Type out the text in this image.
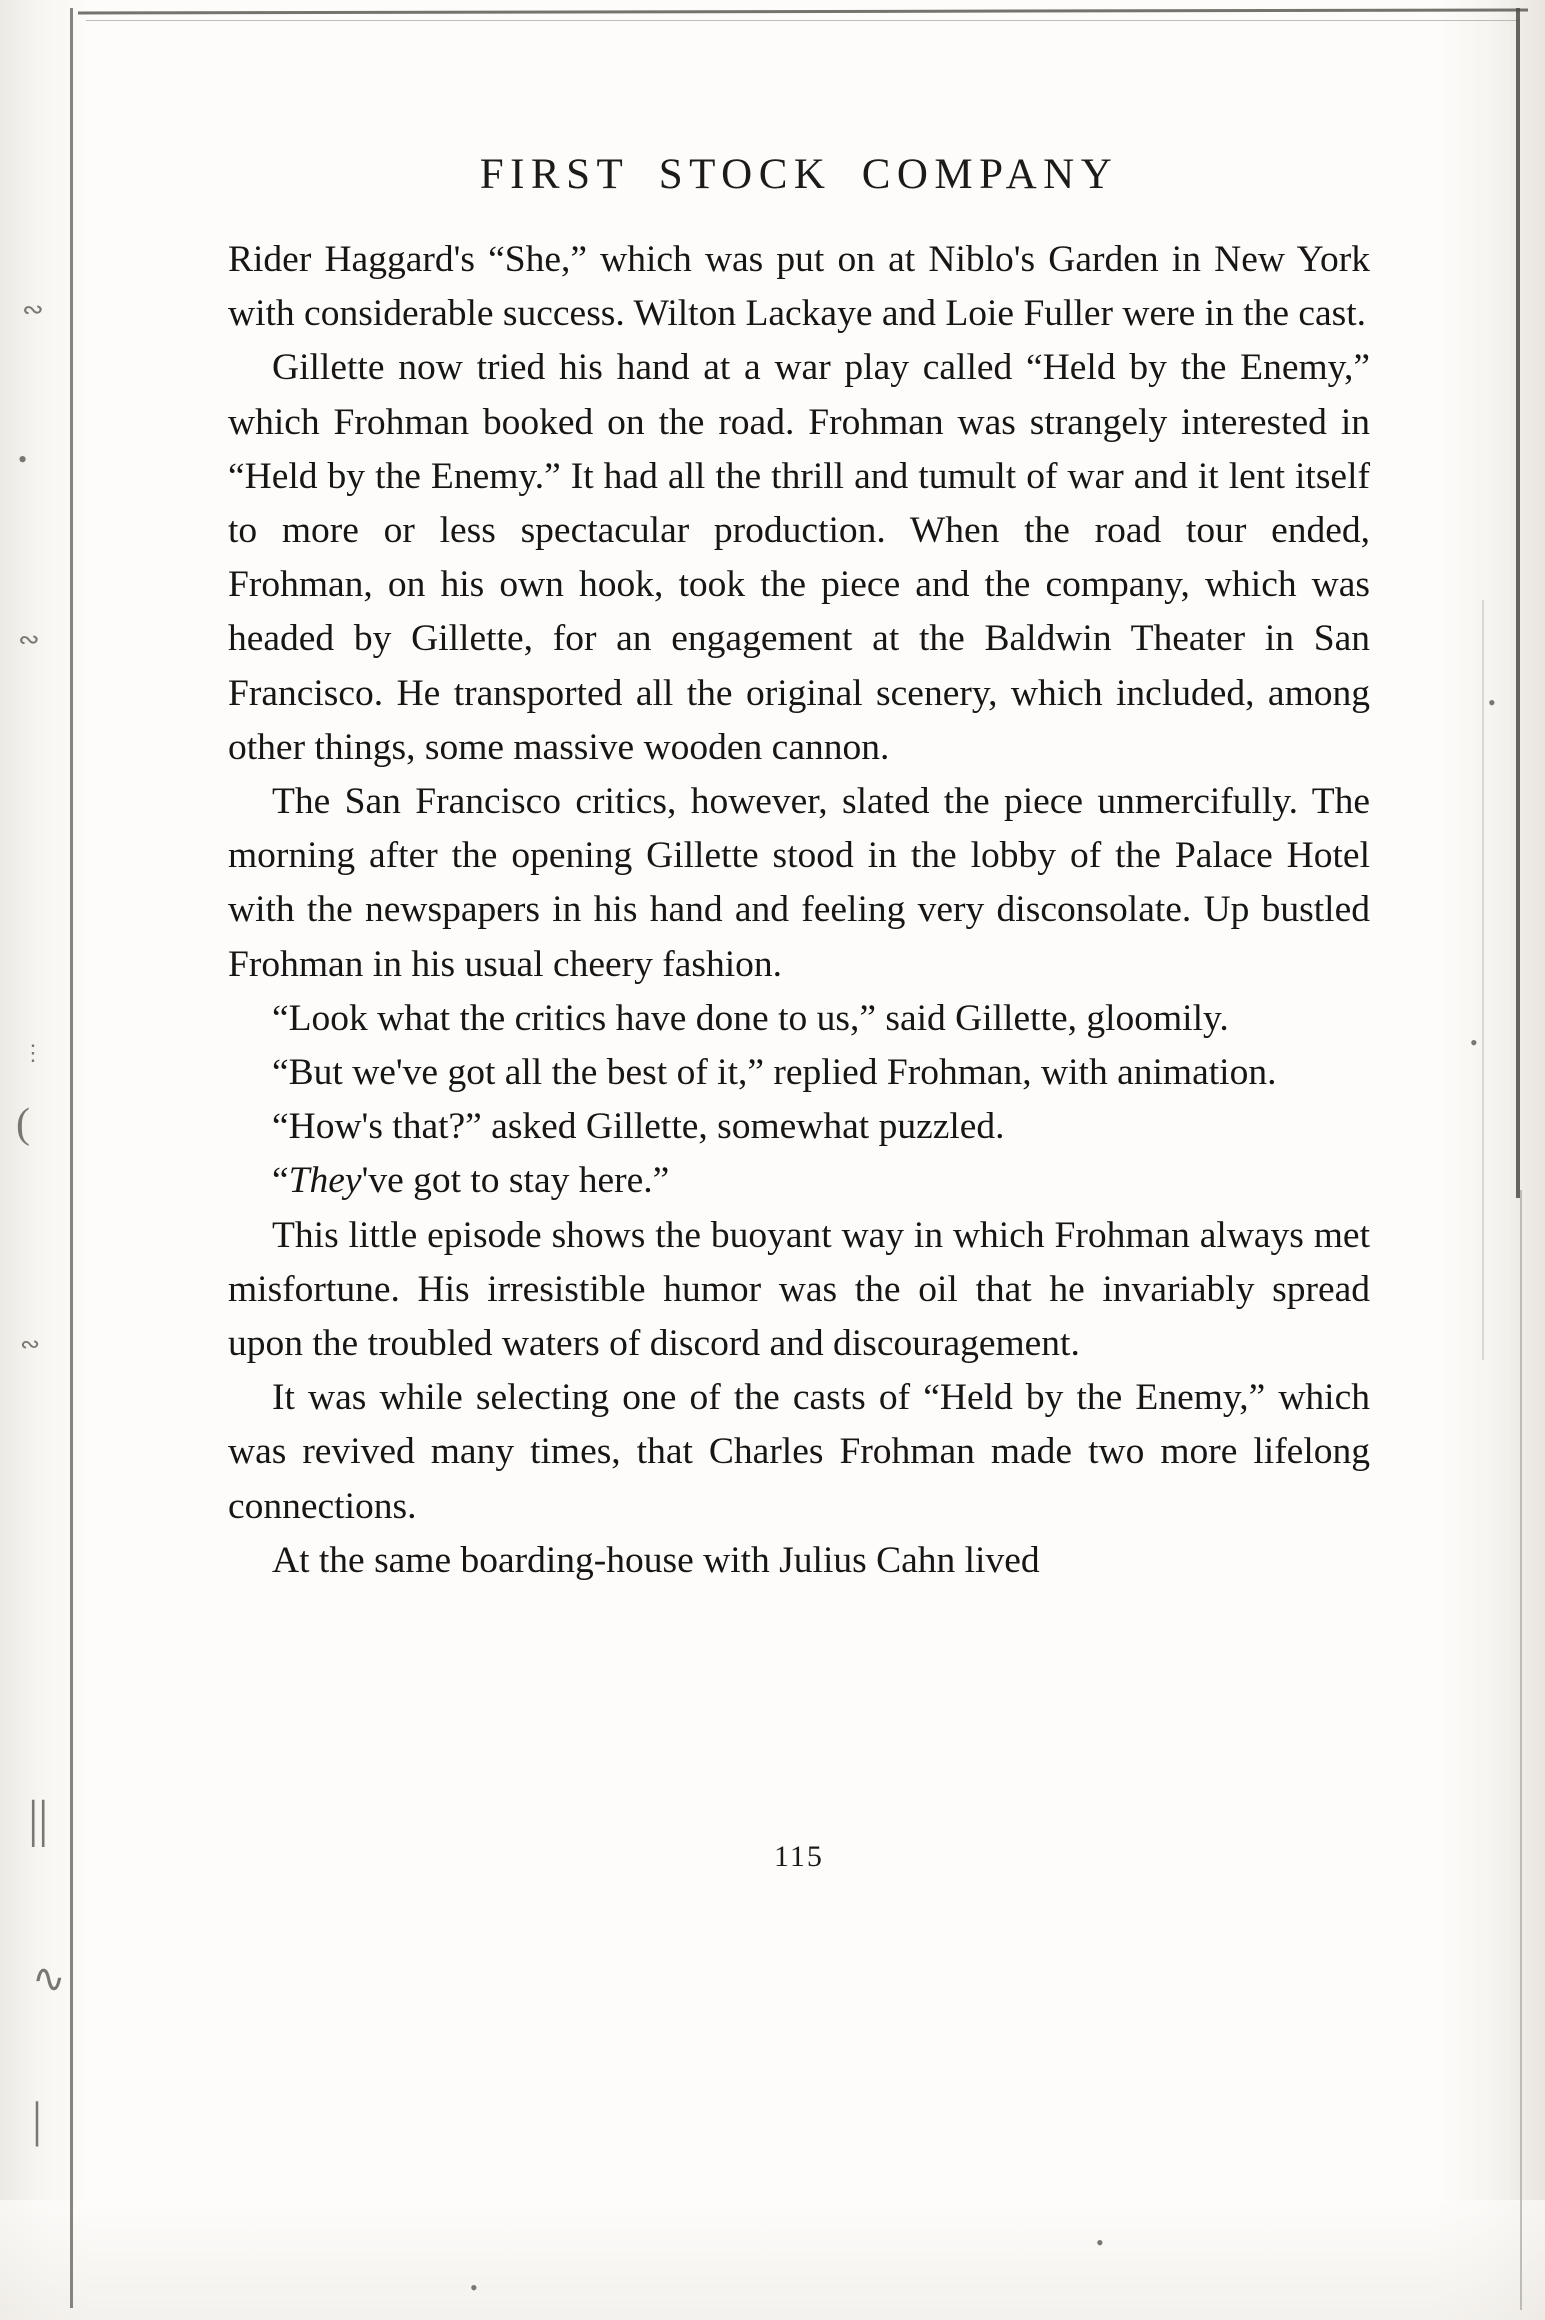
∾
•
∾
⋮
(
∾
| |
∿
|
•
•
•
•
FIRST STOCK COMPANY

Rider Haggard's “She,” which was put on at Niblo's Garden in New York with considerable success. Wilton Lackaye and Loie Fuller were in the cast.

Gillette now tried his hand at a war play called “Held by the Enemy,” which Frohman booked on the road. Frohman was strangely interested in “Held by the Enemy.” It had all the thrill and tumult of war and it lent itself to more or less spectacular production. When the road tour ended, Frohman, on his own hook, took the piece and the company, which was headed by Gillette, for an engagement at the Baldwin Theater in San Francisco. He transported all the original scenery, which included, among other things, some massive wooden cannon.

The San Francisco critics, however, slated the piece unmercifully. The morning after the opening Gillette stood in the lobby of the Palace Hotel with the newspapers in his hand and feeling very disconsolate. Up bustled Frohman in his usual cheery fashion.

“Look what the critics have done to us,” said Gillette, gloomily.

“But we've got all the best of it,” replied Frohman, with animation.

“How's that?” asked Gillette, somewhat puzzled.

“They've got to stay here.”

This little episode shows the buoyant way in which Frohman always met misfortune. His irresistible humor was the oil that he invariably spread upon the troubled waters of discord and discouragement.

It was while selecting one of the casts of “Held by the Enemy,” which was revived many times, that Charles Frohman made two more lifelong connections.

At the same boarding-house with Julius Cahn lived

115
